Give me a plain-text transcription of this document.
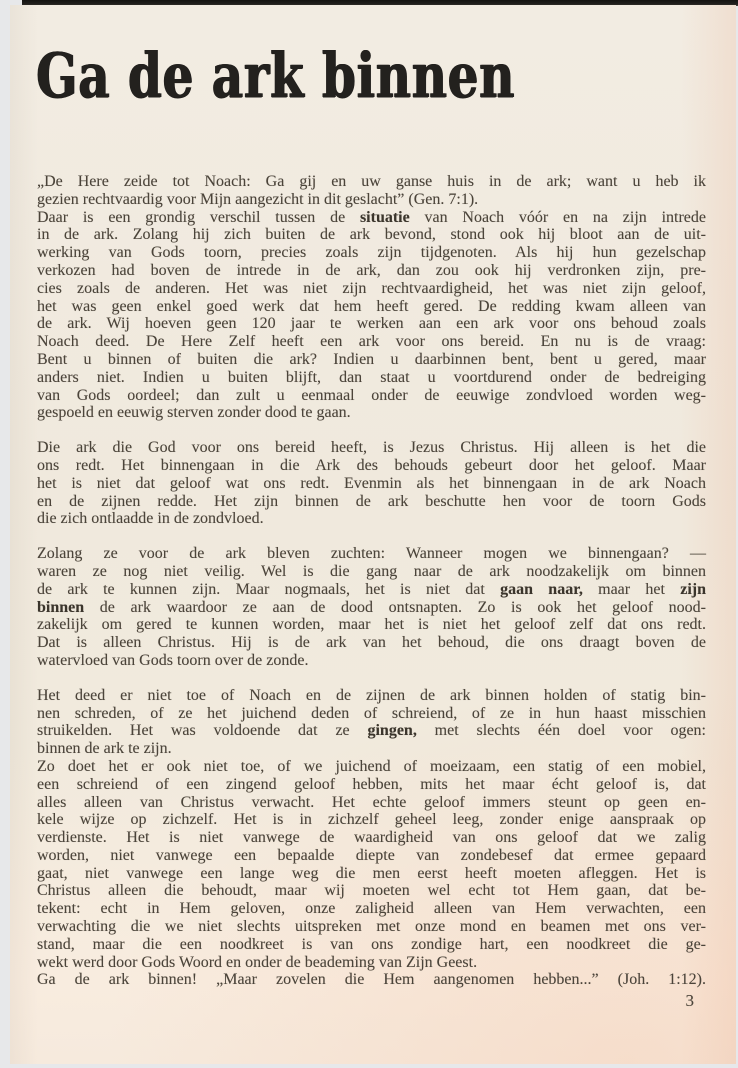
Ga de ark binnen
„De Here zeide tot Noach: Ga gij en uw ganse huis in de ark; want u heb ik
gezien rechtvaardig voor Mijn aangezicht in dit geslacht” (Gen. 7:1).
Daar is een grondig verschil tussen de situatie van Noach vóór en na zijn intrede
in de ark. Zolang hij zich buiten de ark bevond, stond ook hij bloot aan de uit-
werking van Gods toorn, precies zoals zijn tijdgenoten. Als hij hun gezelschap
verkozen had boven de intrede in de ark, dan zou ook hij verdronken zijn, pre-
cies zoals de anderen. Het was niet zijn rechtvaardigheid, het was niet zijn geloof,
het was geen enkel goed werk dat hem heeft gered. De redding kwam alleen van
de ark. Wij hoeven geen 120 jaar te werken aan een ark voor ons behoud zoals
Noach deed. De Here Zelf heeft een ark voor ons bereid. En nu is de vraag:
Bent u binnen of buiten die ark? Indien u daarbinnen bent, bent u gered, maar
anders niet. Indien u buiten blijft, dan staat u voortdurend onder de bedreiging
van Gods oordeel; dan zult u eenmaal onder de eeuwige zondvloed worden weg-
gespoeld en eeuwig sterven zonder dood te gaan.
Die ark die God voor ons bereid heeft, is Jezus Christus. Hij alleen is het die
ons redt. Het binnengaan in die Ark des behouds gebeurt door het geloof. Maar
het is niet dat geloof wat ons redt. Evenmin als het binnengaan in de ark Noach
en de zijnen redde. Het zijn binnen de ark beschutte hen voor de toorn Gods
die zich ontlaadde in de zondvloed.
Zolang ze voor de ark bleven zuchten: Wanneer mogen we binnengaan? —
waren ze nog niet veilig. Wel is die gang naar de ark noodzakelijk om binnen
de ark te kunnen zijn. Maar nogmaals, het is niet dat gaan naar, maar het zijn
binnen de ark waardoor ze aan de dood ontsnapten. Zo is ook het geloof nood-
zakelijk om gered te kunnen worden, maar het is niet het geloof zelf dat ons redt.
Dat is alleen Christus. Hij is de ark van het behoud, die ons draagt boven de
watervloed van Gods toorn over de zonde.
Het deed er niet toe of Noach en de zijnen de ark binnen holden of statig bin-
nen schreden, of ze het juichend deden of schreiend, of ze in hun haast misschien
struikelden. Het was voldoende dat ze gingen, met slechts één doel voor ogen:
binnen de ark te zijn.
Zo doet het er ook niet toe, of we juichend of moeizaam, een statig of een mobiel,
een schreiend of een zingend geloof hebben, mits het maar écht geloof is, dat
alles alleen van Christus verwacht. Het echte geloof immers steunt op geen en-
kele wijze op zichzelf. Het is in zichzelf geheel leeg, zonder enige aanspraak op
verdienste. Het is niet vanwege de waardigheid van ons geloof dat we zalig
worden, niet vanwege een bepaalde diepte van zondebesef dat ermee gepaard
gaat, niet vanwege een lange weg die men eerst heeft moeten afleggen. Het is
Christus alleen die behoudt, maar wij moeten wel echt tot Hem gaan, dat be-
tekent: echt in Hem geloven, onze zaligheid alleen van Hem verwachten, een
verwachting die we niet slechts uitspreken met onze mond en beamen met ons ver-
stand, maar die een noodkreet is van ons zondige hart, een noodkreet die ge-
wekt werd door Gods Woord en onder de beademing van Zijn Geest.
Ga de ark binnen! „Maar zovelen die Hem aangenomen hebben...” (Joh. 1:12).
3
